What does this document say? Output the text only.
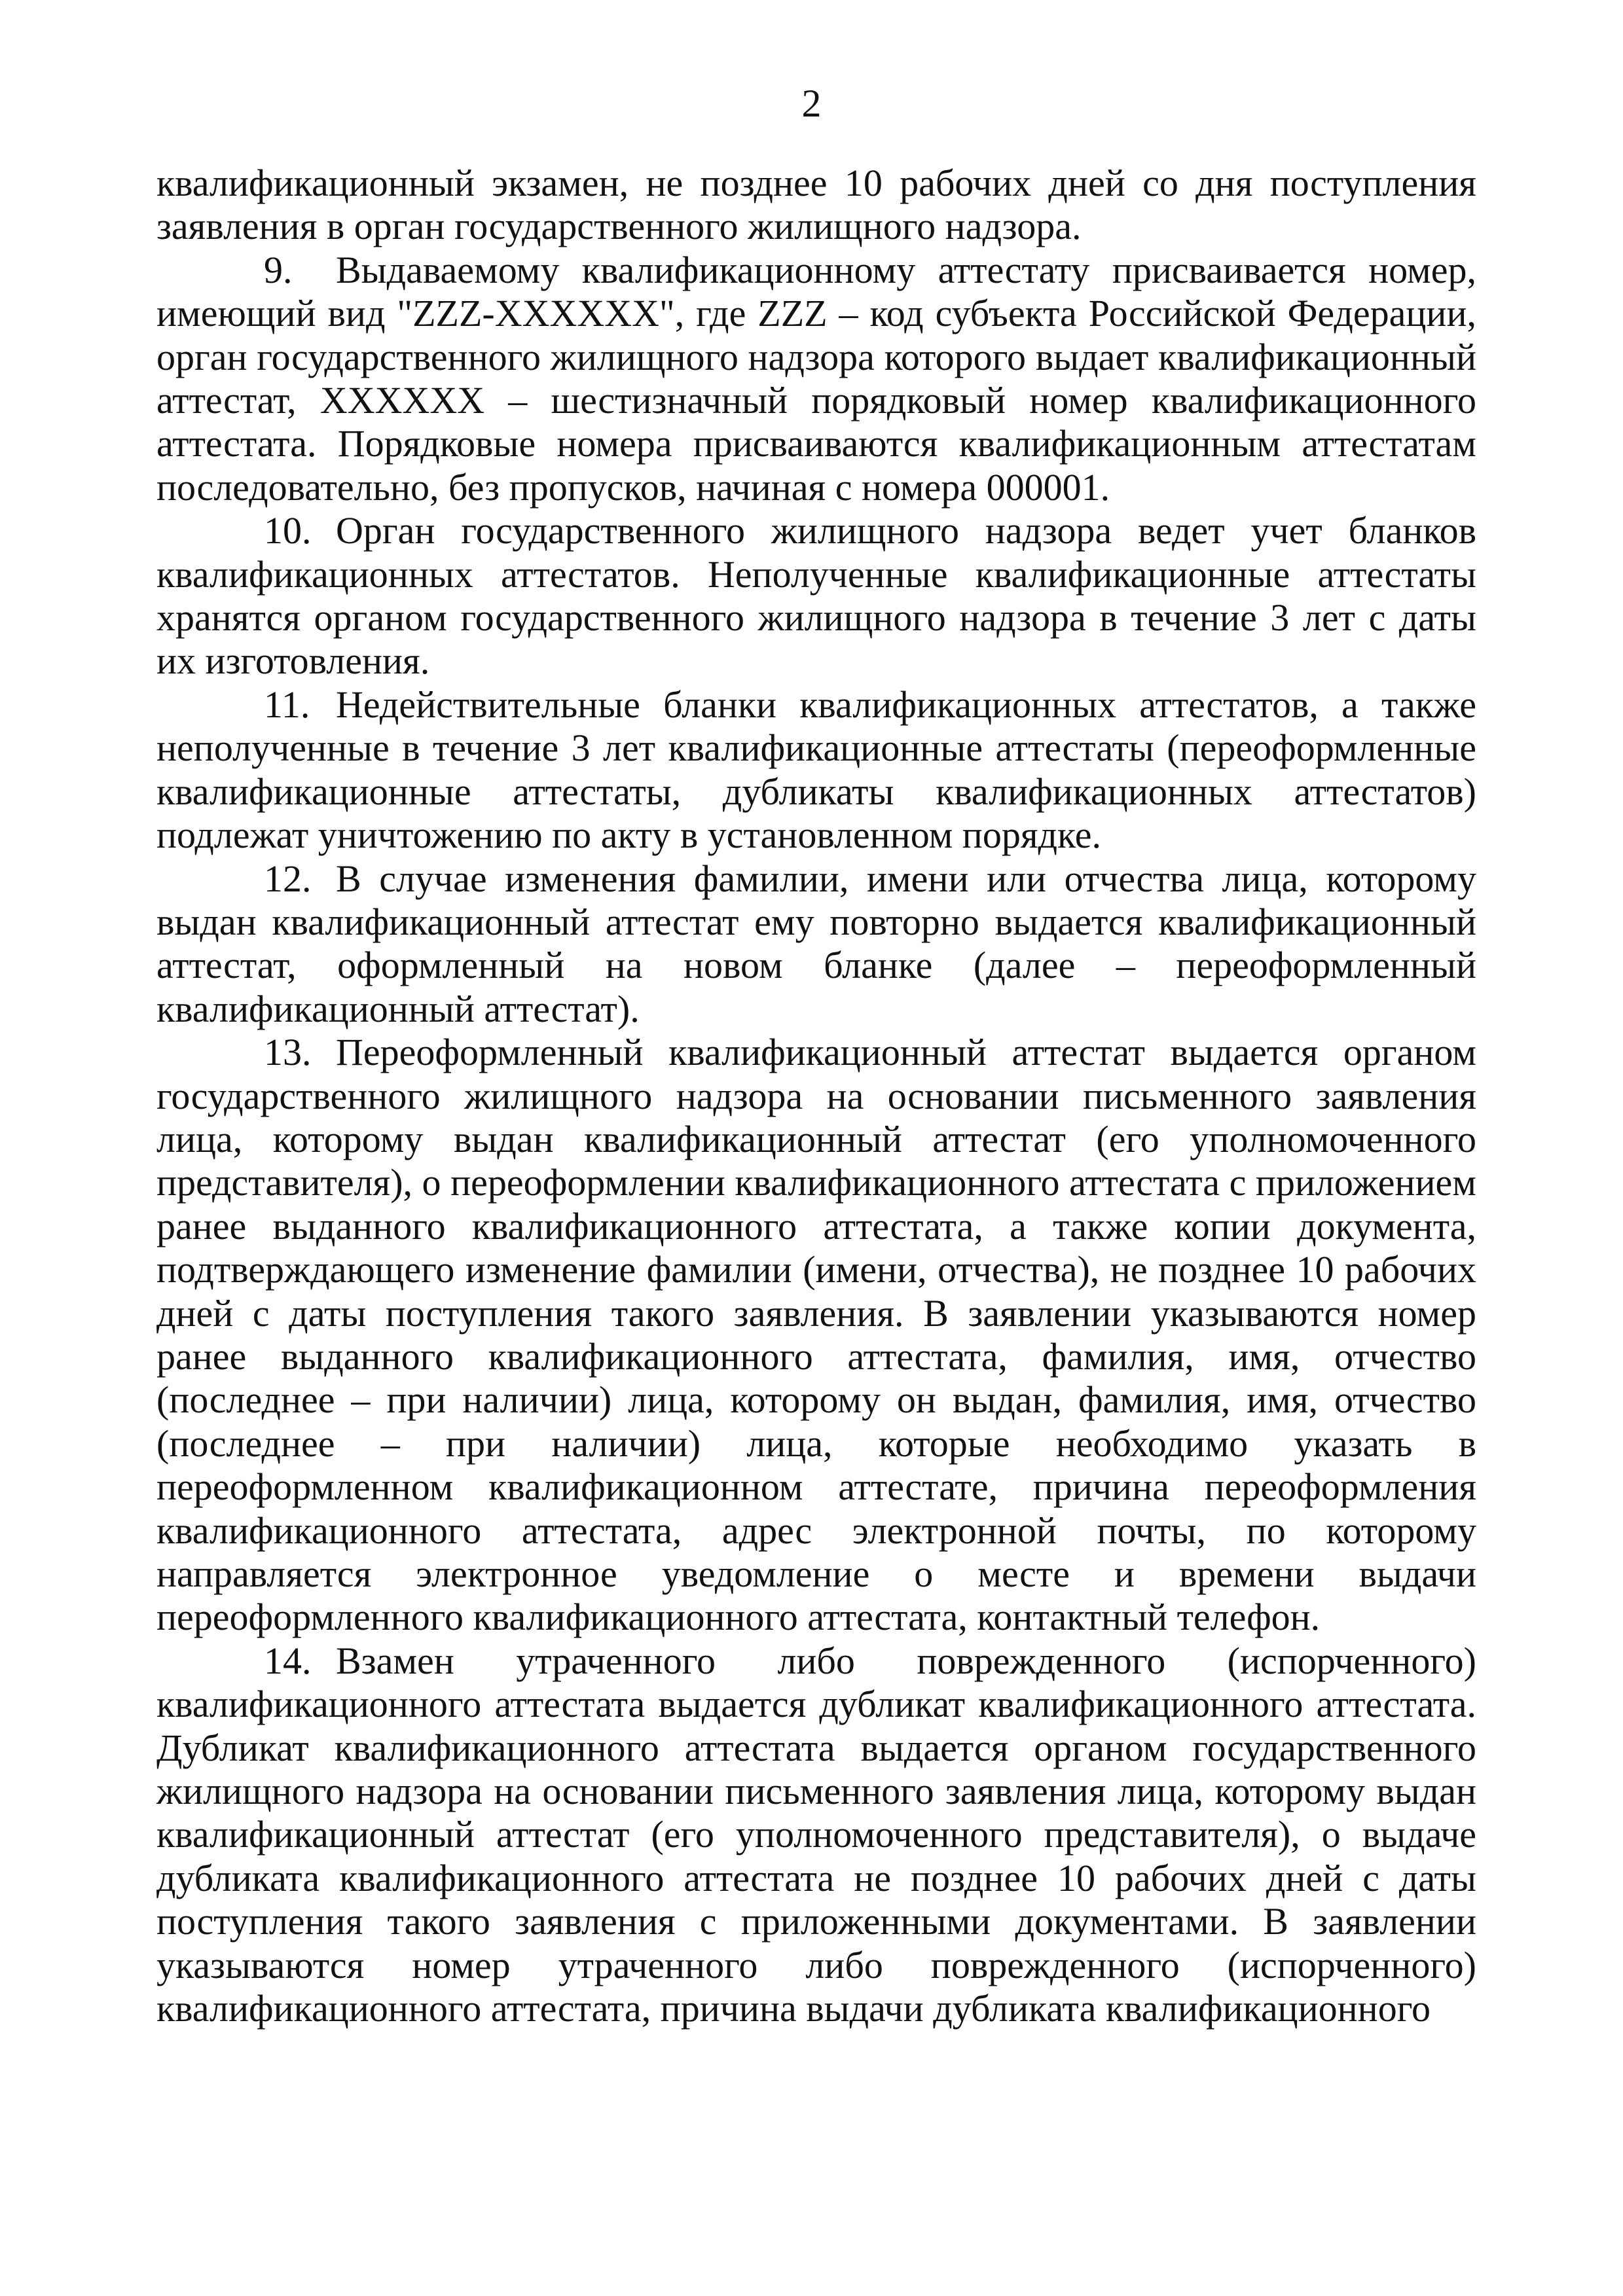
2

квалификационный экзамен, не позднее 10 рабочих дней со дня поступления заявления в орган государственного жилищного надзора.

9. Выдаваемому квалификационному аттестату присваивается номер, имеющий вид "ZZZ-XXXXXX", где ZZZ – код субъекта Российской Федерации, орган государственного жилищного надзора которого выдает квалификационный аттестат, XXXXXX – шестизначный порядковый номер квалификационного аттестата. Порядковые номера присваиваются квалификационным аттестатам последовательно, без пропусков, начиная с номера 000001.

10. Орган государственного жилищного надзора ведет учет бланков квалификационных аттестатов. Неполученные квалификационные аттестаты хранятся органом государственного жилищного надзора в течение 3 лет с даты их изготовления.

11. Недействительные бланки квалификационных аттестатов, а также неполученные в течение 3 лет квалификационные аттестаты (переоформленные квалификационные аттестаты, дубликаты квалификационных аттестатов) подлежат уничтожению по акту в установленном порядке.

12. В случае изменения фамилии, имени или отчества лица, которому выдан квалификационный аттестат ему повторно выдается квалификационный аттестат, оформленный на новом бланке (далее – переоформленный квалификационный аттестат).

13. Переоформленный квалификационный аттестат выдается органом государственного жилищного надзора на основании письменного заявления лица, которому выдан квалификационный аттестат (его уполномоченного представителя), о переоформлении квалификационного аттестата с приложением ранее выданного квалификационного аттестата, а также копии документа, подтверждающего изменение фамилии (имени, отчества), не позднее 10 рабочих дней с даты поступления такого заявления. В заявлении указываются номер ранее выданного квалификационного аттестата, фамилия, имя, отчество (последнее – при наличии) лица, которому он выдан, фамилия, имя, отчество (последнее – при наличии) лица, которые необходимо указать в переоформленном квалификационном аттестате, причина переоформления квалификационного аттестата, адрес электронной почты, по которому направляется электронное уведомление о месте и времени выдачи переоформленного квалификационного аттестата, контактный телефон.

14. Взамен утраченного либо поврежденного (испорченного) квалификационного аттестата выдается дубликат квалификационного аттестата. Дубликат квалификационного аттестата выдается органом государственного жилищного надзора на основании письменного заявления лица, которому выдан квалификационный аттестат (его уполномоченного представителя), о выдаче дубликата квалификационного аттестата не позднее 10 рабочих дней с даты поступления такого заявления с приложенными документами. В заявлении указываются номер утраченного либо поврежденного (испорченного) квалификационного аттестата, причина выдачи дубликата квалификационного
